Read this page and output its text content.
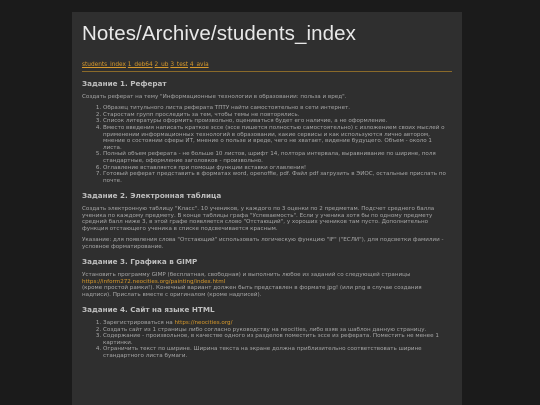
Notes/Archive/students_index
students_index 1_deb64 2_ub 3_test 4_avia
Задание 1. Реферат

Создать реферат на тему "Информационные технологии в образовании: польза и вред".

1. Образец титульного листа реферата ТПТУ найти самостоятельно в сети интернет.
2. Старостам групп проследить за тем, чтобы темы не повторялись.
3. Список литературы оформить произвольно, оцениваться будет его наличие, а не оформление.
4. Вместо введения написать краткое эссе (эссе пишется полностью самостоятельно) с изложением своих мыслей о применении информационных технологий в образовании, какие сервисы и как используются лично автором, мнение о состоянии сферы ИТ, мнение о пользе и вреде, чего не хватает, видение будущего. Объем - около 1 листа.
5. Полный объем реферата - не больше 10 листов, шрифт 14, полтора интервала, выравнивание по ширине, поля стандартные, оформление заголовков - произвольно.
6. Оглавление вставляется при помощи функции вставки оглавления!
7. Готовый реферат представить в форматах word, openoffie, pdf. Файл pdf загрузить в ЭИОС, остальные прислать по почте.
Задание 2. Электронная таблица

Создать электронную таблицу "Класс". 10 учеников, у каждого по 3 оценки по 2 предметам. Подсчет среднего балла ученика по каждому предмету. В конце таблицы графа "Успеваемость". Если у ученика хотя бы по одному предмету средний балл ниже 3, в этой графе появляется слово "Отстающий", у хороших учеников там пусто. Дополнительно функция отстающего ученика в списке подсвечивается красным.

Указание: для появления слова "Отстающий" использовать логическую функцию "IF" ("ЕСЛИ"), для подсветки фамилии - условное форматирование.

Задание 3. Графика в GIMP

Установить программу GIMP (бесплатная, свободная) и выполнить любое из заданий со следующей страницы
https://inform272.neocities.org/painting/index.html
(кроме простой рамки!). Конечный вариант должен быть представлен в формате jpg! (или png в случае создания надписи). Прислать вместе с оригиналом (кроме надписей).

Задание 4. Сайт на языке HTML
1. Зарегистрироваться на https://neocities.org/
2. Создать сайт из 1 страницы либо согласно руководству на neocities, либо взяв за шаблон данную страницу.
3. Содержание - произвольное, в качестве одного из разделов поместить эссе из реферата. Поместить не менее 1 картинки.
4. Ограничить текст по ширине. Ширина текста на экране должна приблизительно соответствовать ширине стандартного листа бумаги.
